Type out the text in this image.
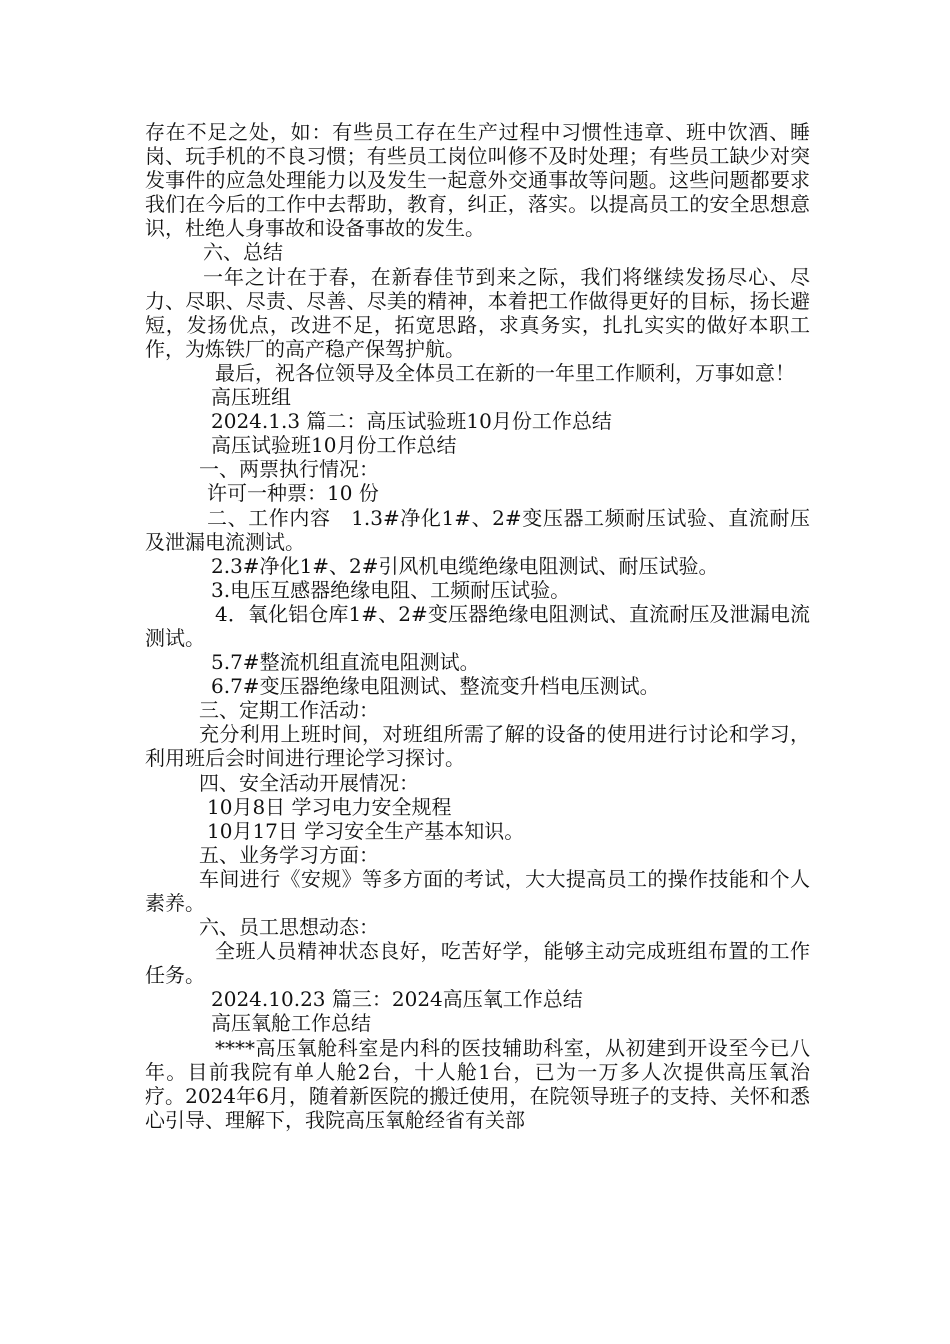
存在不足之处，如：有些员工存在生产过程中习惯性违章、班中饮酒、睡岗、玩手机的不良习惯；有些员工岗位叫修不及时处理；有些员工缺少对突发事件的应急处理能力以及发生一起意外交通事故等问题。这些问题都要求我们在今后的工作中去帮助，教育，纠正，落实。以提高员工的安全思想意识，杜绝人身事故和设备事故的发生。

六、总结

一年之计在于春，在新春佳节到来之际，我们将继续发扬尽心、尽力、尽职、尽责、尽善、尽美的精神，本着把工作做得更好的目标，扬长避短，发扬优点，改进不足，拓宽思路，求真务实，扎扎实实的做好本职工作，为炼铁厂的高产稳产保驾护航。

最后，祝各位领导及全体员工在新的一年里工作顺利，万事如意！

高压班组

2024.1.3 篇二：高压试验班10月份工作总结

高压试验班10月份工作总结

一、两票执行情况：

许可一种票：10 份

二、工作内容　1.3#净化1#、2#变压器工频耐压试验、直流耐压及泄漏电流测试。

2.3#净化1#、2#引风机电缆绝缘电阻测试、耐压试验。

3.电压互感器绝缘电阻、工频耐压试验。

4．氧化铝仓库1#、2#变压器绝缘电阻测试、直流耐压及泄漏电流测试。

5.7#整流机组直流电阻测试。

6.7#变压器绝缘电阻测试、整流变升档电压测试。

三、定期工作活动：

充分利用上班时间，对班组所需了解的设备的使用进行讨论和学习，利用班后会时间进行理论学习探讨。

四、安全活动开展情况：

10月8日 学习电力安全规程

10月17日 学习安全生产基本知识。

五、业务学习方面：

车间进行《安规》等多方面的考试，大大提高员工的操作技能和个人素养。

六、员工思想动态：

全班人员精神状态良好，吃苦好学，能够主动完成班组布置的工作任务。

2024.10.23 篇三：2024高压氧工作总结

高压氧舱工作总结

****高压氧舱科室是内科的医技辅助科室，从初建到开设至今已八年。目前我院有单人舱2台，十人舱1台，已为一万多人次提供高压氧治疗。2024年6月，随着新医院的搬迁使用，在院领导班子的支持、关怀和悉心引导、理解下，我院高压氧舱经省有关部
